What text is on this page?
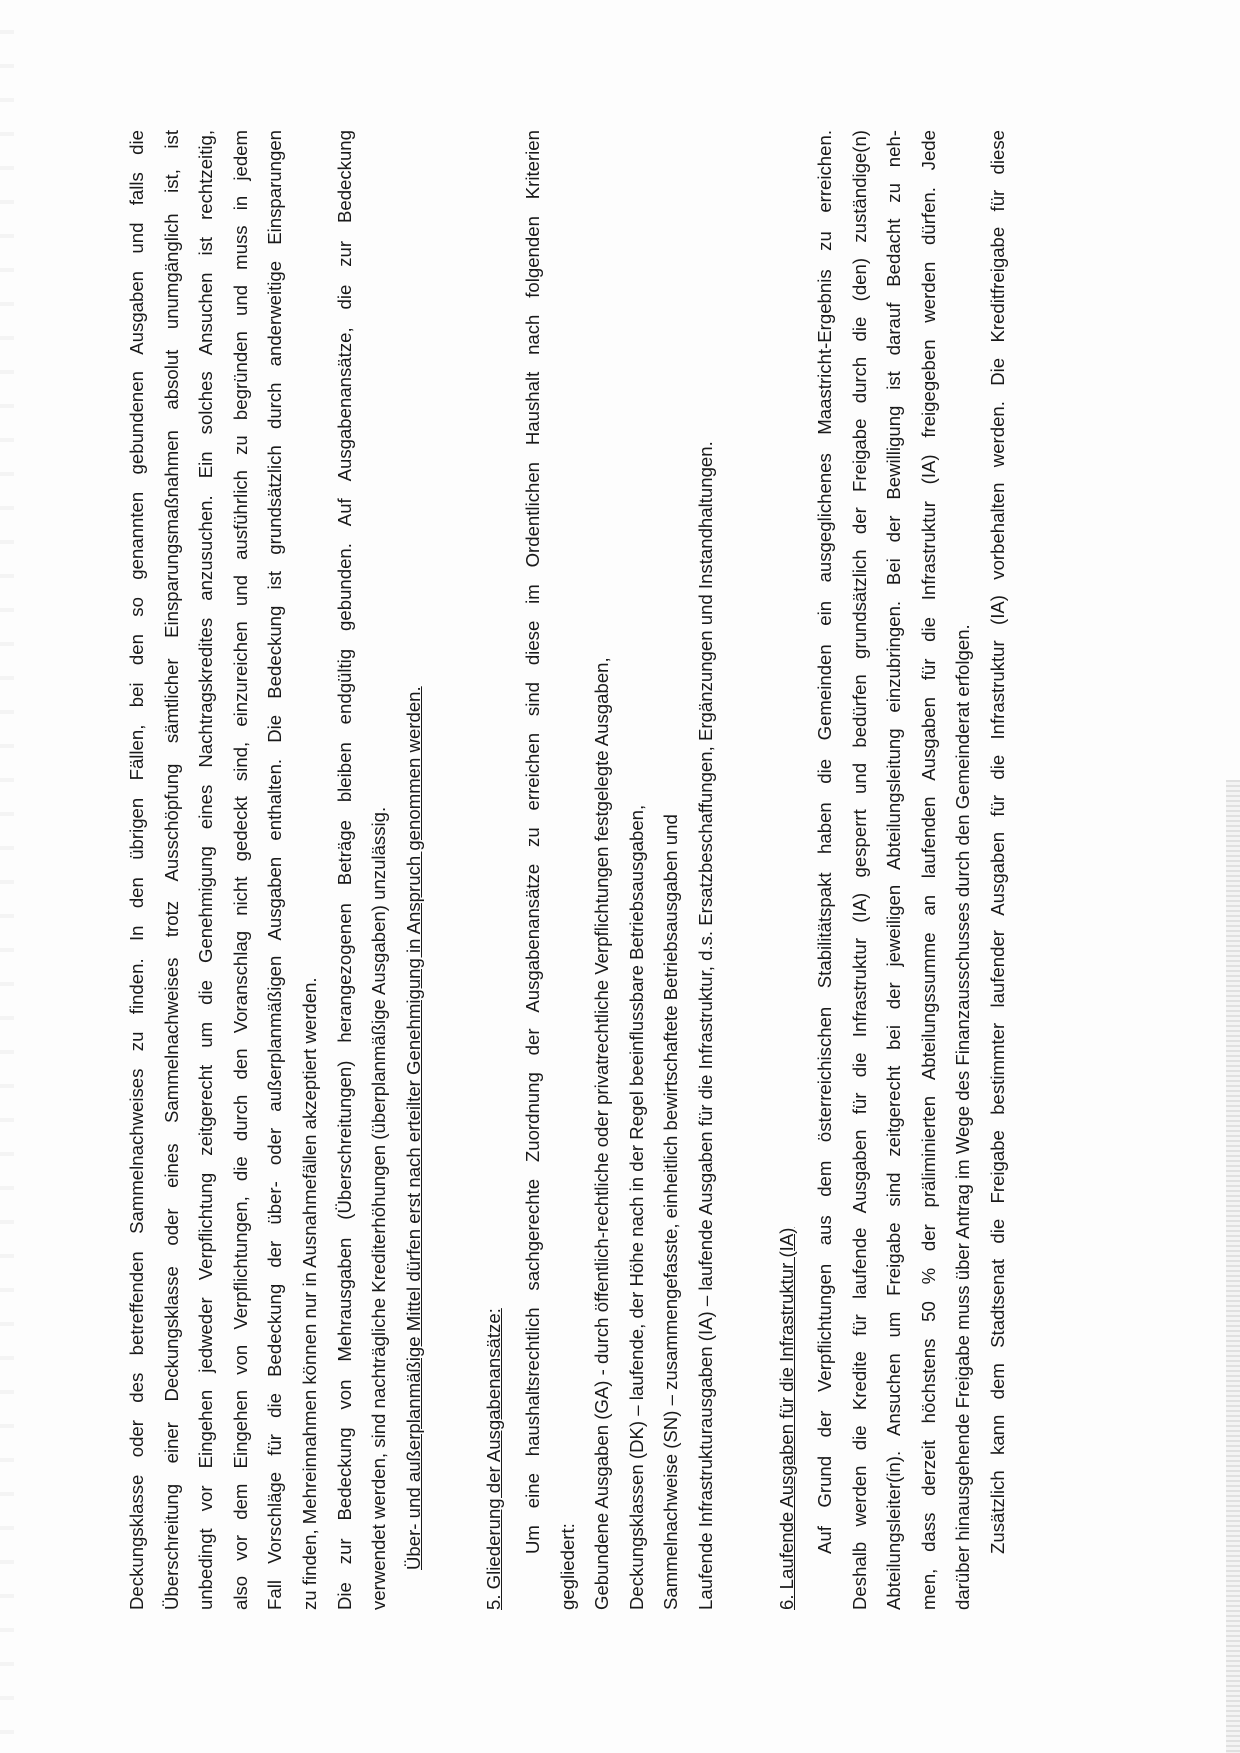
Deckungsklasse oder des betreffenden Sammelnachweises zu finden. In den übrigen Fällen, bei den so genannten gebundenen Ausgaben und falls die Überschreitung einer Deckungsklasse oder eines Sammelnachweises trotz Ausschöpfung sämtlicher Einsparungsmaßnahmen absolut unumgänglich ist, ist unbedingt vor Eingehen jedweder Verpflichtung zeitgerecht um die Genehmigung eines Nachtragskredites anzusuchen. Ein solches Ansuchen ist rechtzeitig, also vor dem Eingehen von Verpflichtungen, die durch den Voranschlag nicht gedeckt sind, einzureichen und ausführlich zu begründen und muss in jedem Fall Vorschläge für die Bedeckung der über- oder außerplanmäßigen Ausgaben enthalten. Die Bedeckung ist grundsätzlich durch anderweitige Einsparungen zu finden, Mehreinnahmen können nur in Ausnahmefällen akzeptiert werden. Die zur Bedeckung von Mehrausgaben (Überschreitungen) herangezogenen Beträge bleiben endgültig gebunden. Auf Ausgabenansätze, die zur Bedeckung verwendet werden, sind nachträgliche Krediterhöhungen (überplanmäßige Ausgaben) unzulässig. Über- und außerplanmäßige Mittel dürfen erst nach erteilter Genehmigung in Anspruch genommen werden.	5. Gliederung der Ausgabenansätze: Um eine haushaltsrechtlich sachgerechte Zuordnung der Ausgabenansätze zu erreichen sind diese im Ordentlichen Haushalt nach folgenden Kriterien
gegliedert: Gebundene Ausgaben (GA) - durch öffentlich-rechtliche oder privatrechtliche Verpflichtungen festgelegte Ausgaben, Deckungsklassen (DK) – laufende, der Höhe nach in der Regel beeinflussbare Betriebsausgaben, Sammelnachweise (SN) – zusammengefasste, einheitlich bewirtschaftete Betriebsausgaben und Laufende Infrastrukturausgaben (IA) – laufende Ausgaben für die Infrastruktur, d.s. Ersatzbeschaffungen, Ergänzungen und Instandhaltungen.	6. Laufende Ausgaben für die Infrastruktur (IA) Auf Grund der Verpflichtungen aus dem österreichischen Stabilitätspakt haben die Gemeinden ein ausgeglichenes Maastricht-Ergebnis zu erreichen. Deshalb werden die Kredite für laufende Ausgaben für die Infrastruktur (IA) gesperrt und bedürfen grundsätzlich der Freigabe durch die (den) zuständige(n) Abteilungsleiter(in). Ansuchen um Freigabe sind zeitgerecht bei der jeweiligen Abteilungsleitung einzubringen. Bei der Bewilligung ist darauf Bedacht zu neh- men, dass derzeit höchstens 50 % der präliminierten Abteilungssumme an laufenden Ausgaben für die Infrastruktur (IA) freigegeben werden dürfen. Jede darüber hinausgehende Freigabe muss über Antrag im Wege des Finanzausschusses durch den Gemeinderat erfolgen. Zusätzlich kann dem Stadtsenat die Freigabe bestimmter laufender Ausgaben für die Infrastruktur (IA) vorbehalten werden. Die Kreditfreigabe für diese
